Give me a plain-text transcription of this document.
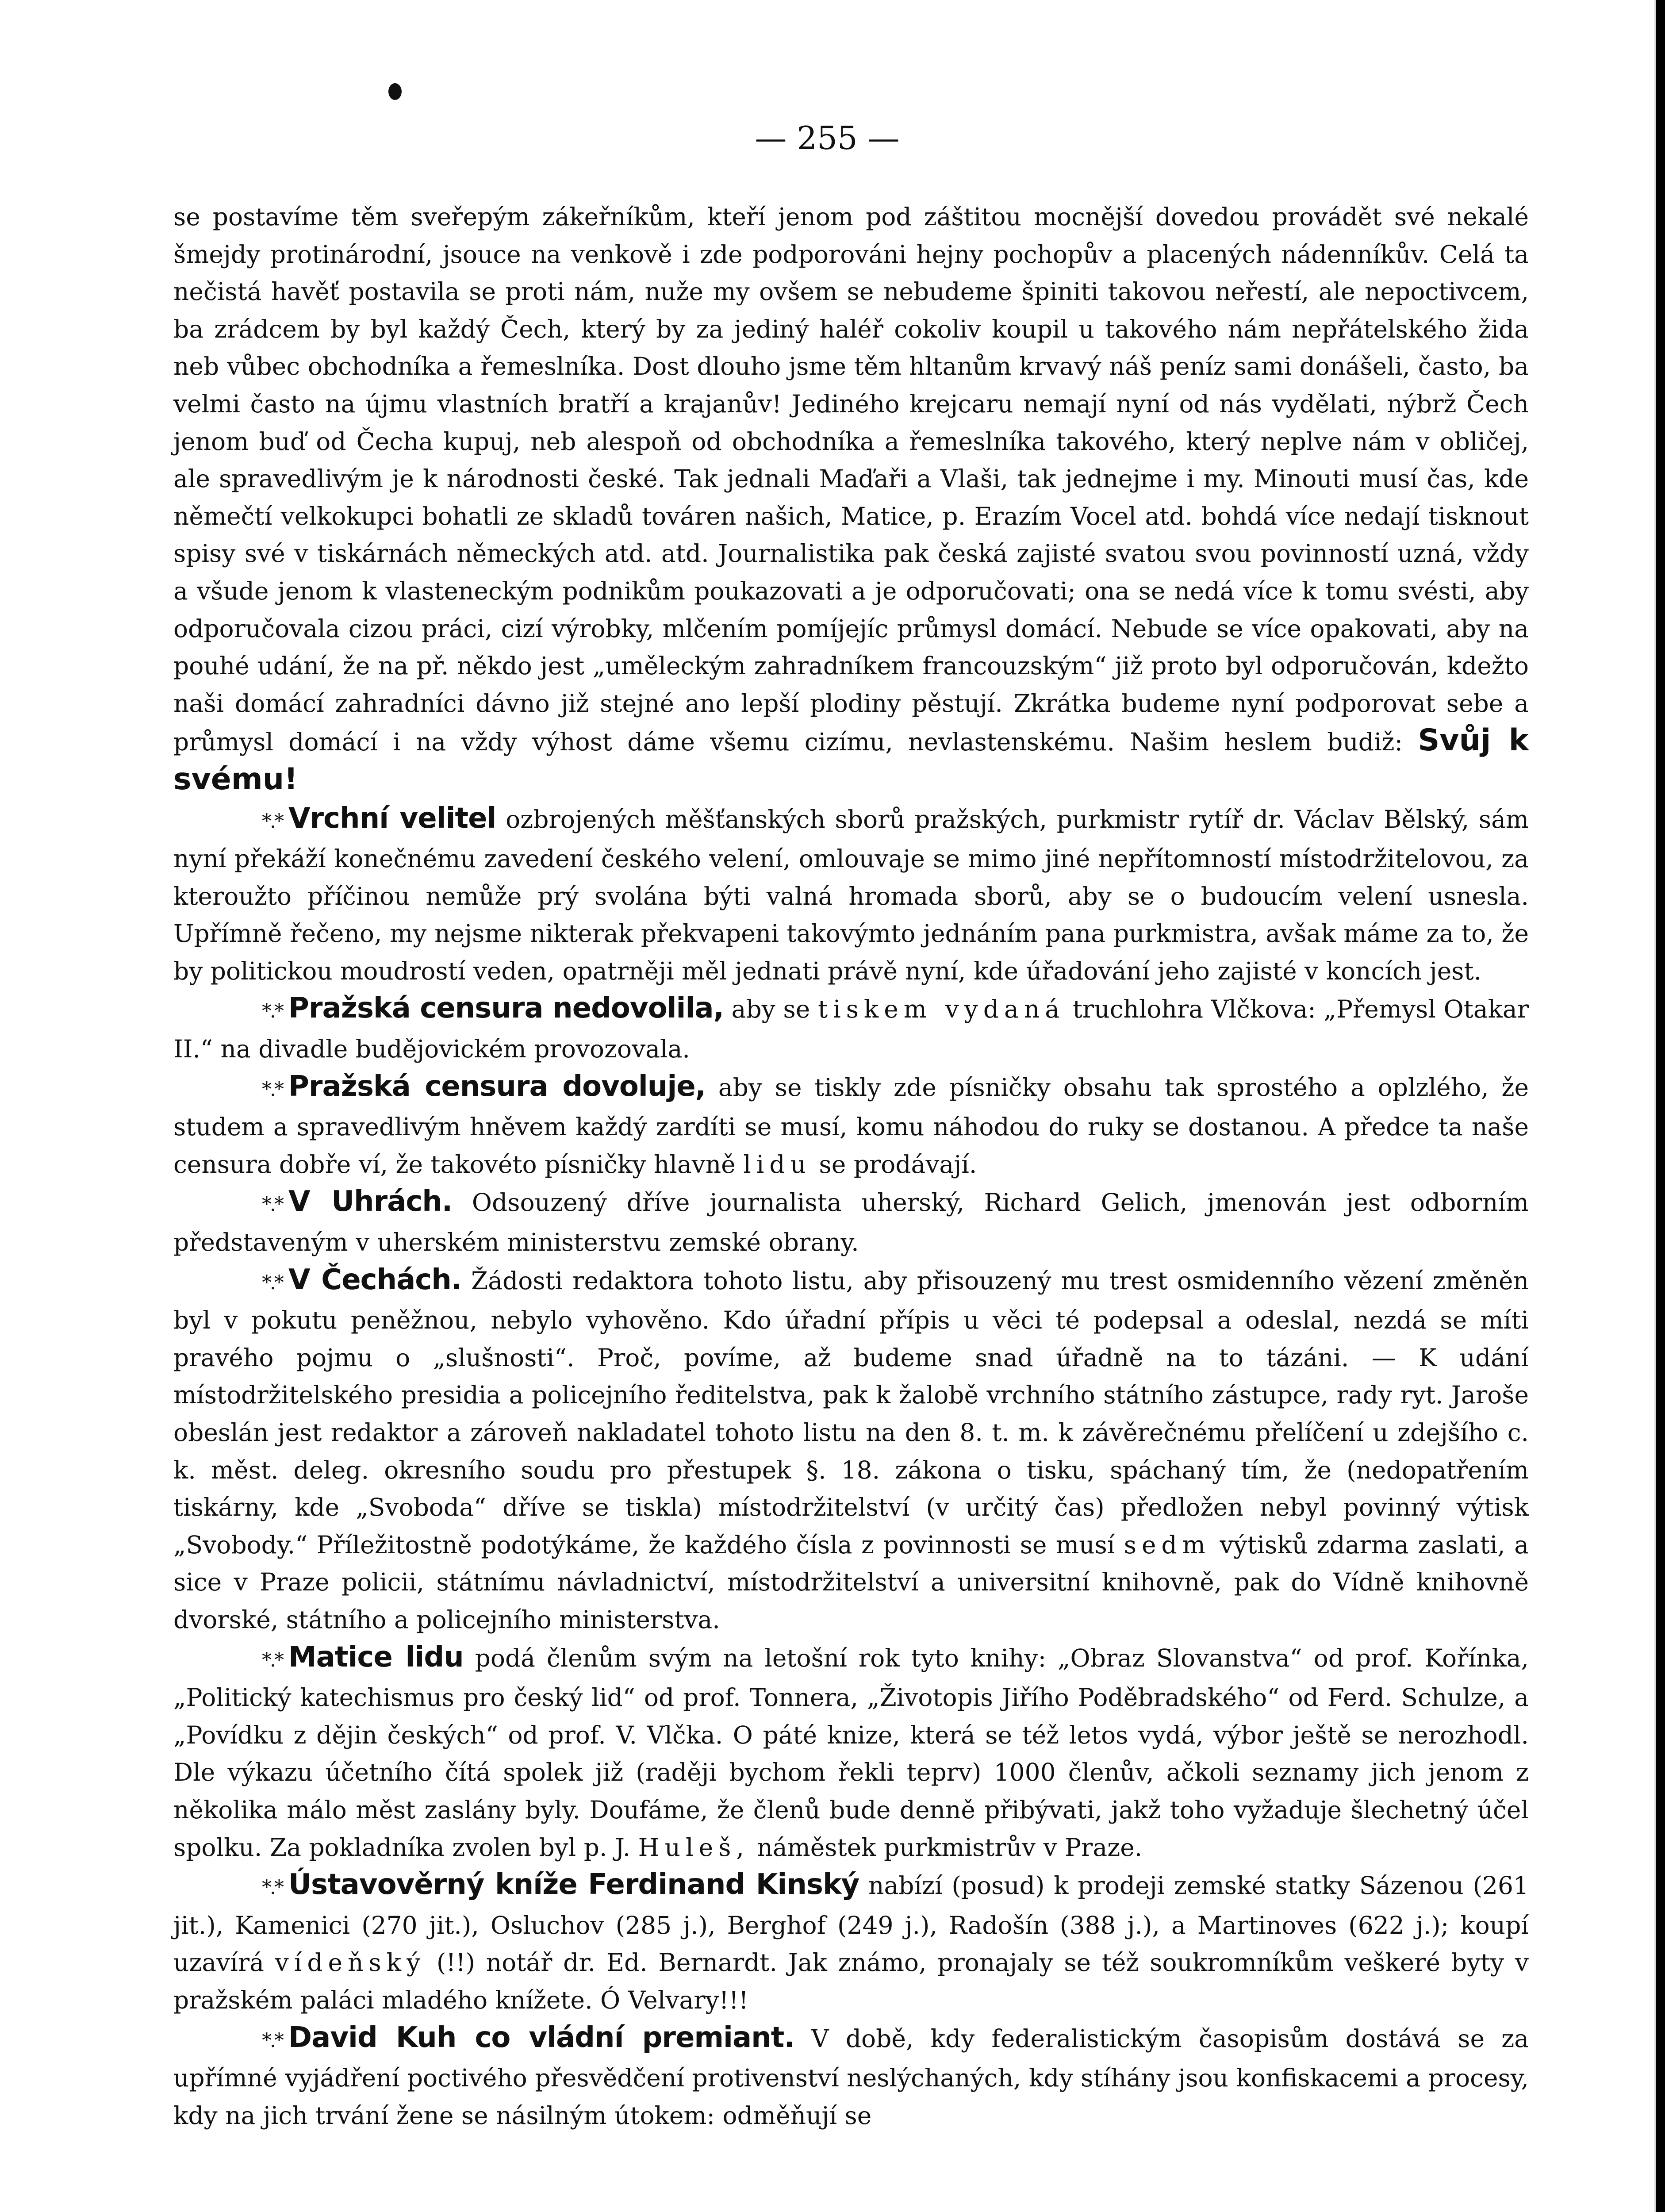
— 255 —

se postavíme těm sveřepým zákeřníkům, kteří jenom pod záštitou mocnější dovedou provádět své nekalé šmejdy protinárodní, jsouce na venkově i zde podporováni hejny pochopův a placených nádenníkův. Celá ta nečistá havěť postavila se proti nám, nuže my ovšem se nebudeme špiniti takovou neřestí, ale nepoctivcem, ba zrádcem by byl každý Čech, který by za jediný haléř cokoliv koupil u takového nám nepřátelského žida neb vůbec obchodníka a řemeslníka. Dost dlouho jsme těm hltanům krvavý náš peníz sami donášeli, často, ba velmi často na újmu vlastních bratří a krajanův! Jediného krejcaru nemají nyní od nás vydělati, nýbrž Čech jenom buď od Čecha kupuj, neb alespoň od obchodníka a řemeslníka takového, který neplve nám v obličej, ale spravedlivým je k národnosti české. Tak jednali Maďaři a Vlaši, tak jednejme i my. Minouti musí čas, kde němečtí velkokupci bohatli ze skladů továren našich, Matice, p. Erazím Vocel atd. bohdá více nedají tisknout spisy své v tiskárnách německých atd. atd. Journalistika pak česká zajisté svatou svou povinností uzná, vždy a všude jenom k vlasteneckým podnikům poukazovati a je odporučovati; ona se nedá více k tomu svésti, aby odporučovala cizou práci, cizí výrobky, mlčením pomíjejíc průmysl domácí. Nebude se více opakovati, aby na pouhé udání, že na př. někdo jest „uměleckým zahradníkem francouzským“ již proto byl odporučován, kdežto naši domácí zahradníci dávno již stejné ano lepší plodiny pěstují. Zkrátka budeme nyní podporovat sebe a průmysl domácí i na vždy výhost dáme všemu cizímu, nevlastenskému. Našim heslem budiž: Svůj k svému!

*.* Vrchní velitel ozbrojených měšťanských sborů pražských, purkmistr rytíř dr. Václav Bělský, sám nyní překáží konečnému zavedení českého velení, omlouvaje se mimo jiné nepřítomností místodržitelovou, za kteroužto příčinou nemůže prý svolána býti valná hromada sborů, aby se o budoucím velení usnesla. Upřímně řečeno, my nejsme nikterak překvapeni takovýmto jednáním pana purkmistra, avšak máme za to, že by politickou moudrostí veden, opatrněji měl jednati právě nyní, kde úřadování jeho zajisté v koncích jest.

*.* Pražská censura nedovolila, aby se tiskem vydaná truchlohra Vlčkova: „Přemysl Otakar II.“ na divadle budějovickém provozovala.

*.* Pražská censura dovoluje, aby se tiskly zde písničky obsahu tak sprostého a oplzlého, že studem a spravedlivým hněvem každý zardíti se musí, komu náhodou do ruky se dostanou. A předce ta naše censura dobře ví, že takovéto písničky hlavně lidu se prodávají.

*.* V Uhrách. Odsouzený dříve journalista uherský, Richard Gelich, jmenován jest odborním představeným v uherském ministerstvu zemské obrany.

*.* V Čechách. Žádosti redaktora tohoto listu, aby přisouzený mu trest osmidenního vězení změněn byl v pokutu peněžnou, nebylo vyhověno. Kdo úřadní přípis u věci té podepsal a odeslal, nezdá se míti pravého pojmu o „slušnosti“. Proč, povíme, až budeme snad úřadně na to tázáni. — K udání místodržitelského presidia a policejního ředitelstva, pak k žalobě vrchního státního zástupce, rady ryt. Jaroše obeslán jest redaktor a zároveň nakladatel tohoto listu na den 8. t. m. k závěrečnému přelíčení u zdejšího c. k. měst. deleg. okresního soudu pro přestupek §. 18. zákona o tisku, spáchaný tím, že (nedopatřením tiskárny, kde „Svoboda“ dříve se tiskla) místodržitelství (v určitý čas) předložen nebyl povinný výtisk „Svobody.“ Příležitostně podotýkáme, že každého čísla z povinnosti se musí sedm výtisků zdarma zaslati, a sice v Praze policii, státnímu návladnictví, místodržitelství a universitní knihovně, pak do Vídně knihovně dvorské, státního a policejního ministerstva.

*.* Matice lidu podá členům svým na letošní rok tyto knihy: „Obraz Slovanstva“ od prof. Kořínka, „Politický katechismus pro český lid“ od prof. Tonnera, „Životopis Jiřího Poděbradského“ od Ferd. Schulze, a „Povídku z dějin českých“ od prof. V. Vlčka. O páté knize, která se též letos vydá, výbor ještě se nerozhodl. Dle výkazu účetního čítá spolek již (raději bychom řekli teprv) 1000 členův, ačkoli seznamy jich jenom z několika málo měst zaslány byly. Doufáme, že členů bude denně přibývati, jakž toho vyžaduje šlechetný účel spolku. Za pokladníka zvolen byl p. J. Huleš, náměstek purkmistrův v Praze.

*.* Ústavověrný kníže Ferdinand Kinský nabízí (posud) k prodeji zemské statky Sázenou (261 jit.), Kamenici (270 jit.), Osluchov (285 j.), Berghof (249 j.), Radošín (388 j.), a Martinoves (622 j.); koupí uzavírá vídeňský (!!) notář dr. Ed. Bernardt. Jak známo, pronajaly se též soukromníkům veškeré byty v pražském paláci mladého knížete. Ó Velvary!!!

*.* David Kuh co vládní premiant. V době, kdy federalistickým časopisům dostává se za upřímné vyjádření poctivého přesvědčení protivenství neslýchaných, kdy stíhány jsou konfiskacemi a procesy, kdy na jich trvání žene se násilným útokem: odměňují se
